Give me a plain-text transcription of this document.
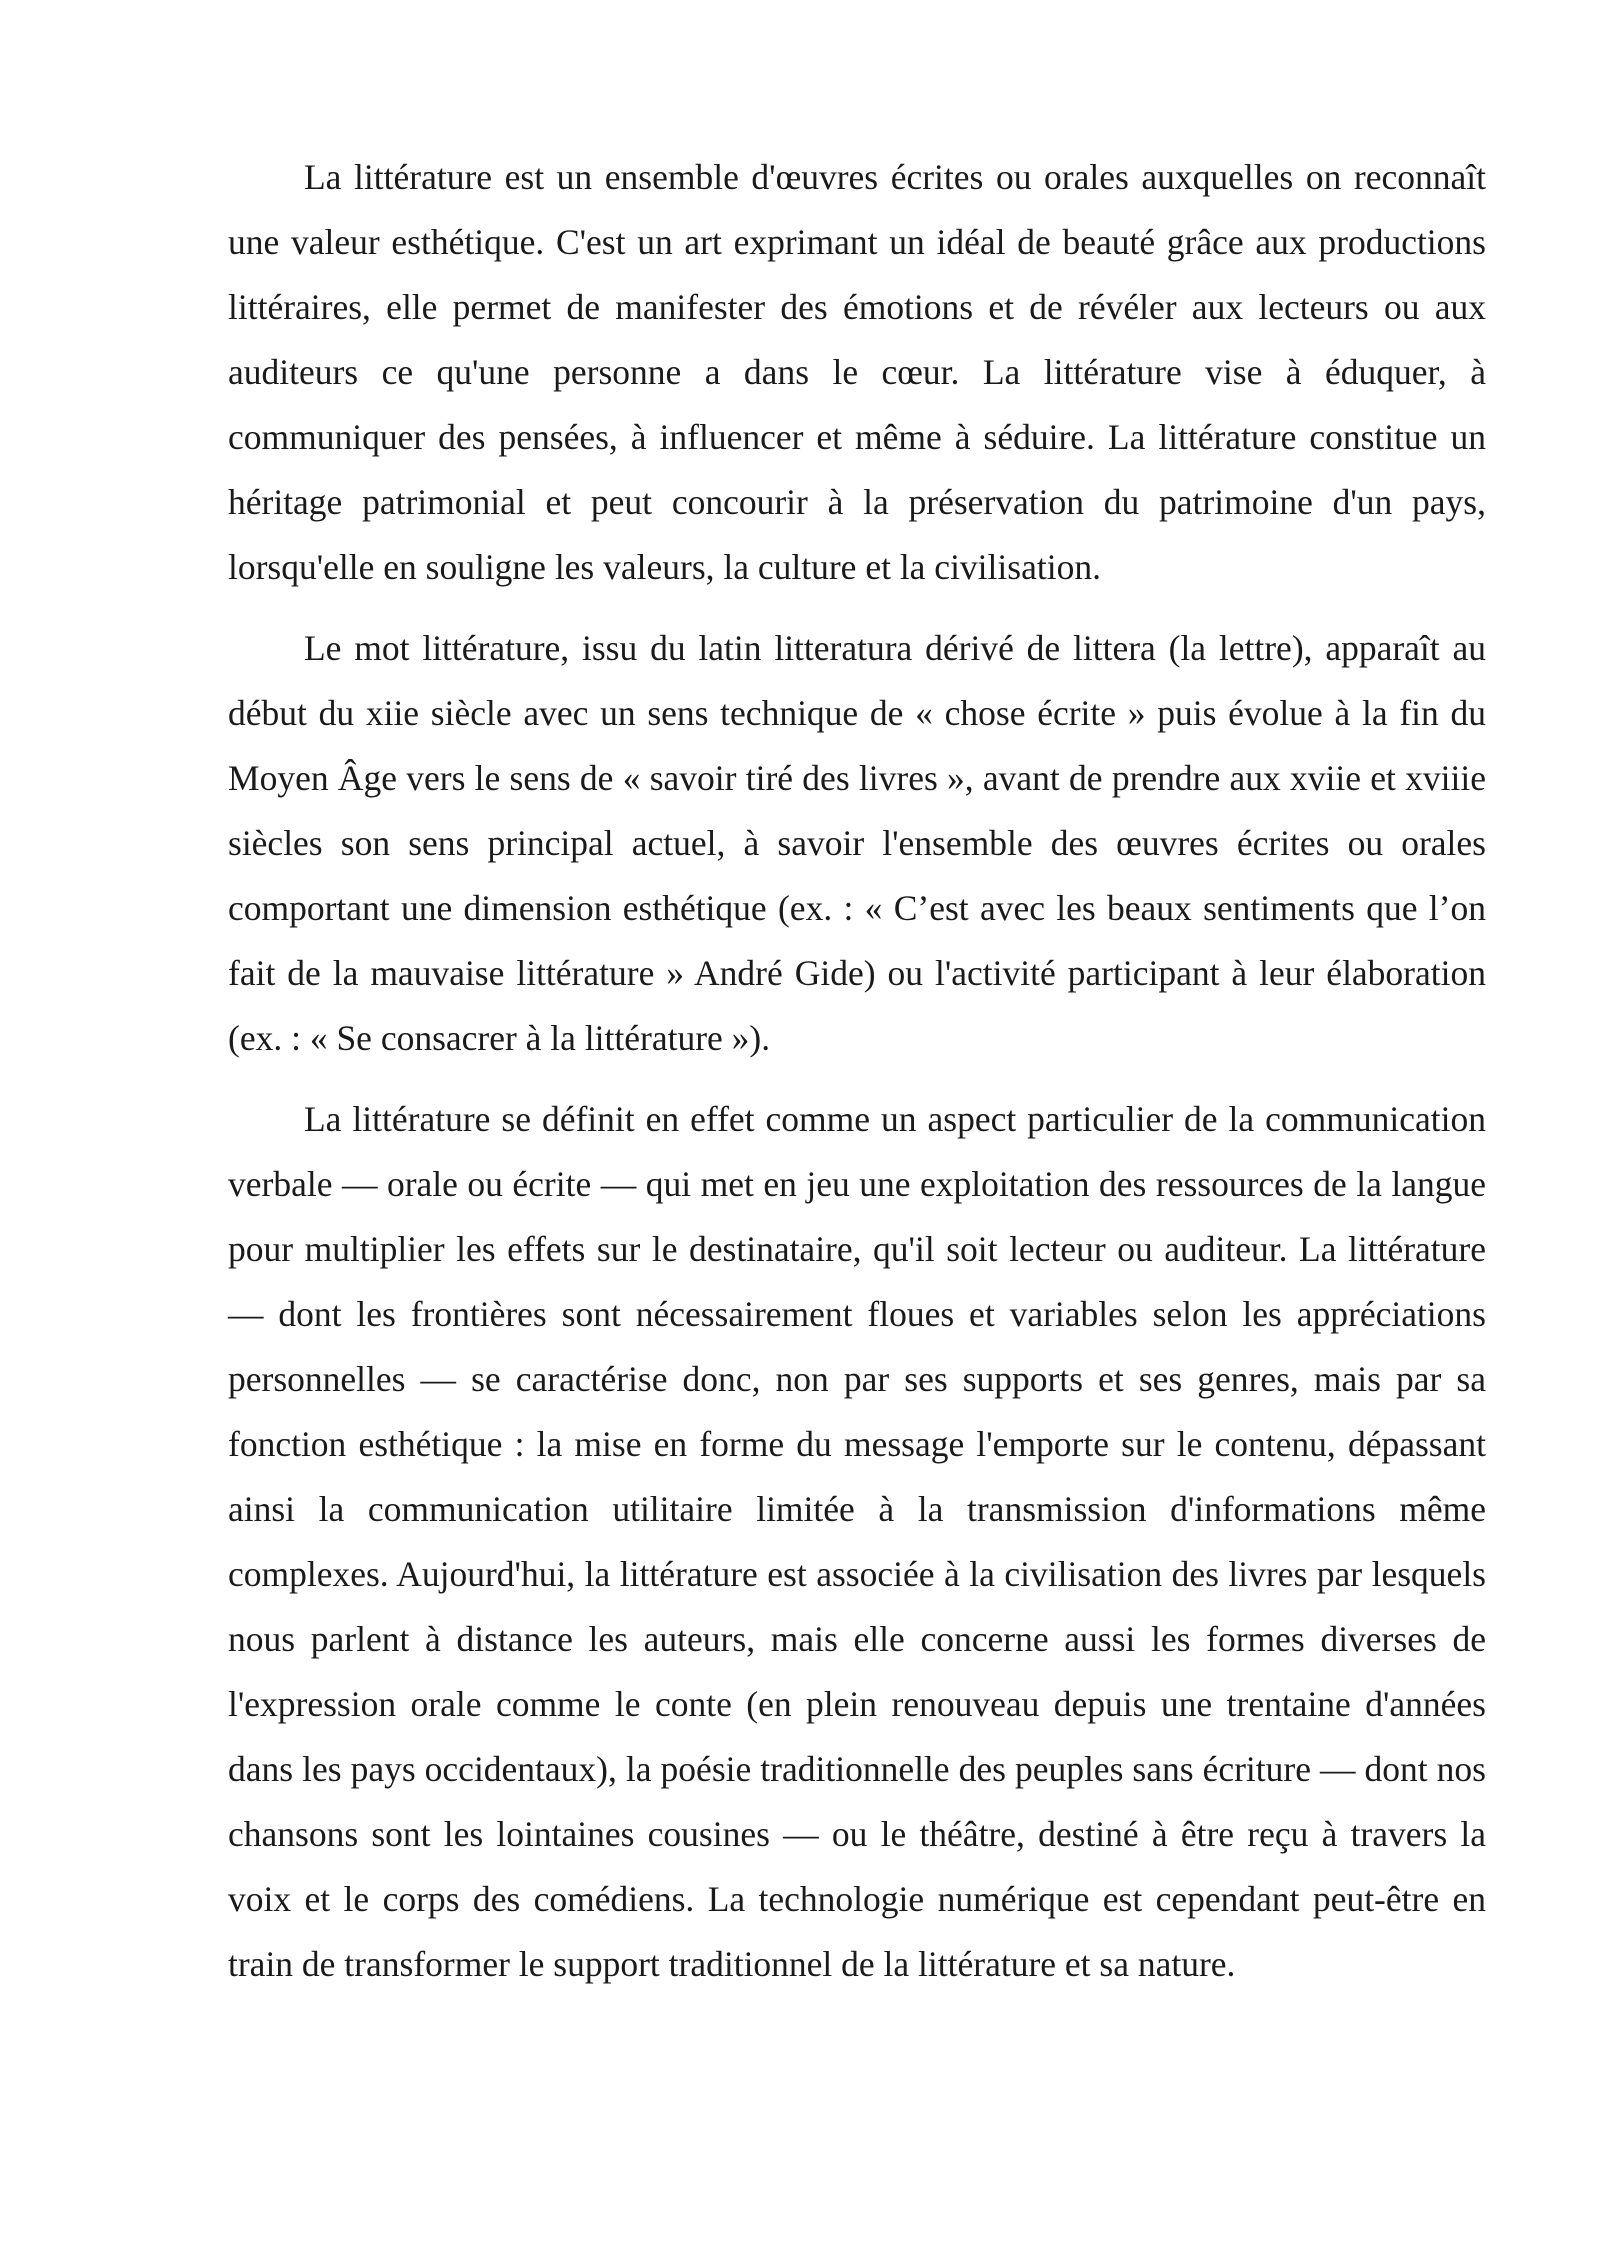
La littérature est un ensemble d'œuvres écrites ou orales auxquelles on reconnaît une valeur esthétique. C'est un art exprimant un idéal de beauté grâce aux productions littéraires, elle permet de manifester des émotions et de révéler aux lecteurs ou aux auditeurs ce qu'une personne a dans le cœur. La littérature vise à éduquer, à communiquer des pensées, à influencer et même à séduire. La littérature constitue un héritage patrimonial et peut concourir à la préservation du patrimoine d'un pays, lorsqu'elle en souligne les valeurs, la culture et la civilisation.

Le mot littérature, issu du latin litteratura dérivé de littera (la lettre), apparaît au début du xiie siècle avec un sens technique de « chose écrite » puis évolue à la fin du Moyen Âge vers le sens de « savoir tiré des livres », avant de prendre aux xviie et xviiie siècles son sens principal actuel, à savoir l'ensemble des œuvres écrites ou orales comportant une dimension esthétique (ex. : « C’est avec les beaux sentiments que l’on fait de la mauvaise littérature » André Gide) ou l'activité participant à leur élaboration (ex. : « Se consacrer à la littérature »).

La littérature se définit en effet comme un aspect particulier de la communication verbale — orale ou écrite — qui met en jeu une exploitation des ressources de la langue pour multiplier les effets sur le destinataire, qu'il soit lecteur ou auditeur. La littérature — dont les frontières sont nécessairement floues et variables selon les appréciations personnelles — se caractérise donc, non par ses supports et ses genres, mais par sa fonction esthétique : la mise en forme du message l'emporte sur le contenu, dépassant ainsi la communication utilitaire limitée à la transmission d'informations même complexes. Aujourd'hui, la littérature est associée à la civilisation des livres par lesquels nous parlent à distance les auteurs, mais elle concerne aussi les formes diverses de l'expression orale comme le conte (en plein renouveau depuis une trentaine d'années dans les pays occidentaux), la poésie traditionnelle des peuples sans écriture — dont nos chansons sont les lointaines cousines — ou le théâtre, destiné à être reçu à travers la voix et le corps des comédiens. La technologie numérique est cependant peut-être en train de transformer le support traditionnel de la littérature et sa nature.
